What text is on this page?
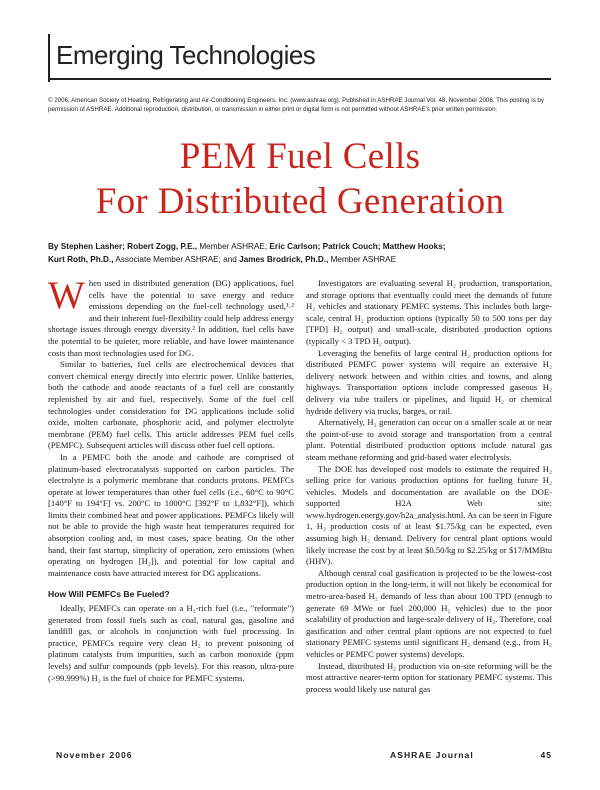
Emerging Technologies
© 2006, American Society of Heating, Refrigerating and Air-Conditioning Engineers, Inc. (www.ashrae.org). Published in ASHRAE Journal Vol. 48, November 2006. This posting is by permission of ASHRAE. Additional reproduction, distribution, or transmission in either print or digital form is not permitted without ASHRAE's prior written permission.
PEM Fuel Cells
For Distributed Generation
By Stephen Lasher; Robert Zogg, P.E., Member ASHRAE; Eric Carlson; Patrick Couch; Matthew Hooks;
Kurt Roth, Ph.D., Associate Member ASHRAE; and James Brodrick, Ph.D., Member ASHRAE

When used in distributed generation (DG) applications, fuel cells have the potential to save energy and reduce emissions depending on the fuel-cell technology used,¹˒² and their inherent fuel-flexibility could help address energy shortage issues through energy diversity.² In addition, fuel cells have the potential to be quieter, more reliable, and have lower maintenance costs than most technologies used for DG.

Similar to batteries, fuel cells are electrochemical devices that convert chemical energy directly into electric power. Unlike batteries, both the cathode and anode reactants of a fuel cell are constantly replenished by air and fuel, respectively. Some of the fuel cell technologies under consideration for DG applications include solid oxide, molten carbonate, phosphoric acid, and polymer electrolyte membrane (PEM) fuel cells. This article addresses PEM fuel cells (PEMFC). Subsequent articles will discuss other fuel cell options.

In a PEMFC both the anode and cathode are comprised of platinum-based electrocatalysts supported on carbon particles. The electrolyte is a polymeric membrane that conducts protons. PEMFCs operate at lower temperatures than other fuel cells (i.e., 60°C to 90°C [140°F to 194°F] vs. 200°C to 1000°C [392°F to 1,832°F]), which limits their combined heat and power applications. PEMFCs likely will not be able to provide the high waste heat temperatures required for absorption cooling and, in most cases, space heating. On the other hand, their fast startup, simplicity of operation, zero emissions (when operating on hydrogen [H₂]), and potential for low capital and maintenance costs have attracted interest for DG applications.

How Will PEMFCs Be Fueled?

Ideally, PEMFCs can operate on a H₂-rich fuel (i.e., "reformate") generated from fossil fuels such as coal, natural gas, gasoline and landfill gas, or alcohols in conjunction with fuel processing. In practice, PEMFCs require very clean H₂ to prevent poisoning of platinum catalysts from impurities, such as carbon monoxide (ppm levels) and sulfur compounds (ppb levels). For this reason, ultra-pure (>99.999%) H₂ is the fuel of choice for PEMFC systems.

Investigators are evaluating several H₂ production, transportation, and storage options that eventually could meet the demands of future H₂ vehicles and stationary PEMFC systems. This includes both large-scale, central H₂ production options (typically 50 to 500 tons per day [TPD] H₂ output) and small-scale, distributed production options (typically < 3 TPD H₂ output).

Leveraging the benefits of large central H₂ production options for distributed PEMFC power systems will require an extensive H₂ delivery network between and within cities and towns, and along highways. Transportation options include compressed gaseous H₂ delivery via tube trailers or pipelines, and liquid H₂ or chemical hydride delivery via trucks, barges, or rail.

Alternatively, H₂ generation can occur on a smaller scale at or near the point-of-use to avoid storage and transportation from a central plant. Potential distributed production options include natural gas steam methane reforming and grid-based water electrolysis.

The DOE has developed cost models to estimate the required H₂ selling price for various production options for fueling future H₂ vehicles. Models and documentation are available on the DOE-supported H2A Web site: www.hydrogen.energy.gov/h2a_analysis.html. As can be seen in Figure 1, H₂ production costs of at least $1.75/kg can be expected, even assuming high H₂ demand. Delivery for central plant options would likely increase the cost by at least $0.50/kg to $2.25/kg or $17/MMBtu (HHV).

Although central coal gasification is projected to be the lowest-cost production option in the long-term, it will not likely be economical for metro-area-based H₂ demands of less than about 100 TPD (enough to generate 69 MWe or fuel 200,000 H₂ vehicles) due to the poor scalability of production and large-scale delivery of H₂. Therefore, coal gasification and other central plant options are not expected to fuel stationary PEMFC systems until significant H₂ demand (e.g., from H₂ vehicles or PEMFC power systems) develops.

Instead, distributed H₂ production via on-site reforming will be the most attractive nearer-term option for stationary PEMFC systems. This process would likely use natural gas

November 2006	ASHRAE Journal	45
